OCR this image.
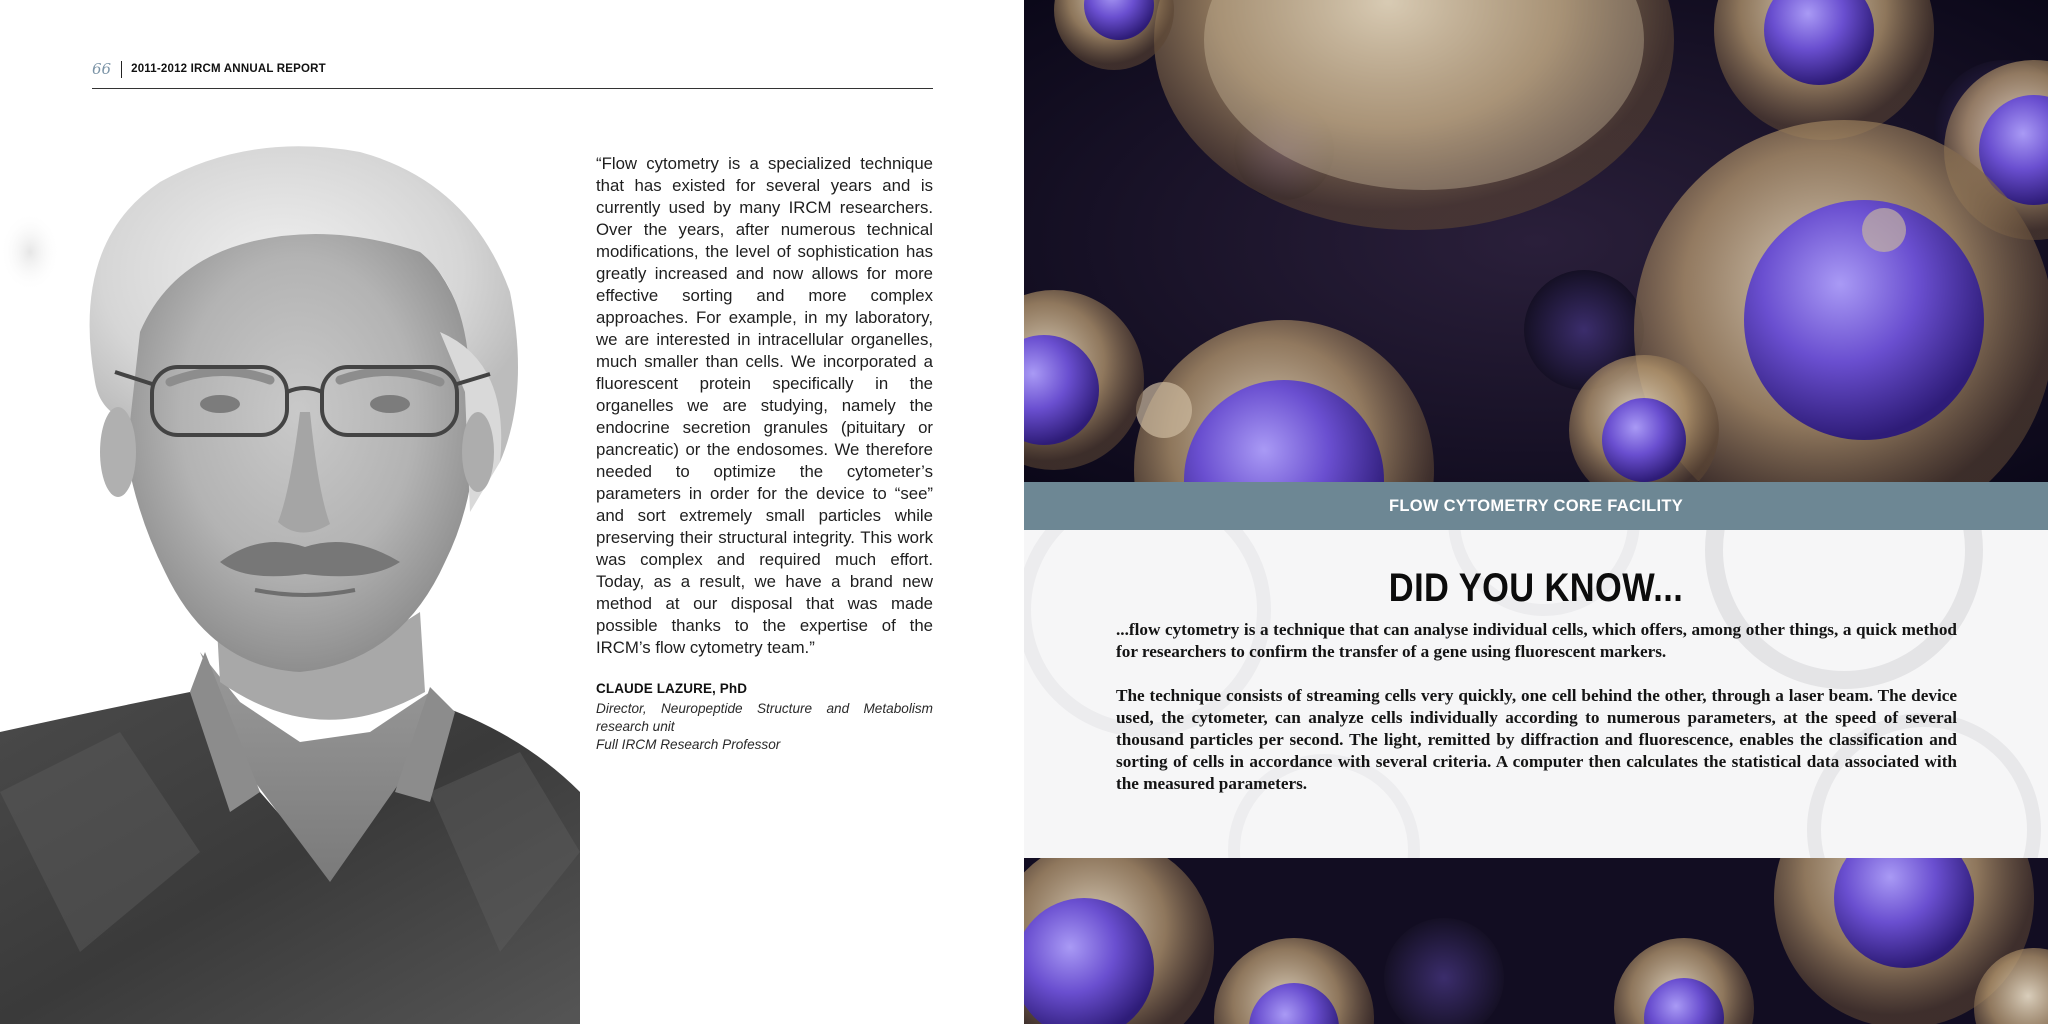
66 2011-2012 IRCM ANNUAL REPORT

“Flow cytometry is a specialized technique that has existed for several years and is currently used by many IRCM researchers. Over the years, after numerous technical modifications, the level of sophistication has greatly increased and now allows for more effective sorting and more complex approaches. For example, in my laboratory, we are interested in intracellular organelles, much smaller than cells. We incorporated a fluorescent protein specifically in the organelles we are studying, namely the endocrine secretion granules (pituitary or pancreatic) or the endosomes. We therefore needed to optimize the cytometer’s parameters in order for the device to “see” and sort extremely small particles while preserving their structural integrity. This work was complex and required much effort. Today, as a result, we have a brand new method at our disposal that was made possible thanks to the expertise of the IRCM’s flow cytometry team.”

CLAUDE LAZURE, PhD

Director, Neuropeptide Structure and Metabolism research unit

Full IRCM Research Professor

FLOW CYTOMETRY CORE FACILITY
DID YOU KNOW...

...flow cytometry is a technique that can analyse individual cells, which offers, among other things, a quick method for researchers to confirm the transfer of a gene using fluorescent markers.

The technique consists of streaming cells very quickly, one cell behind the other, through a laser beam. The device used, the cytometer, can analyze cells individually according to numerous parameters, at the speed of several thousand particles per second. The light, remitted by diffraction and fluorescence, enables the classification and sorting of cells in accordance with several criteria. A computer then calculates the statistical data associated with the measured parameters.
